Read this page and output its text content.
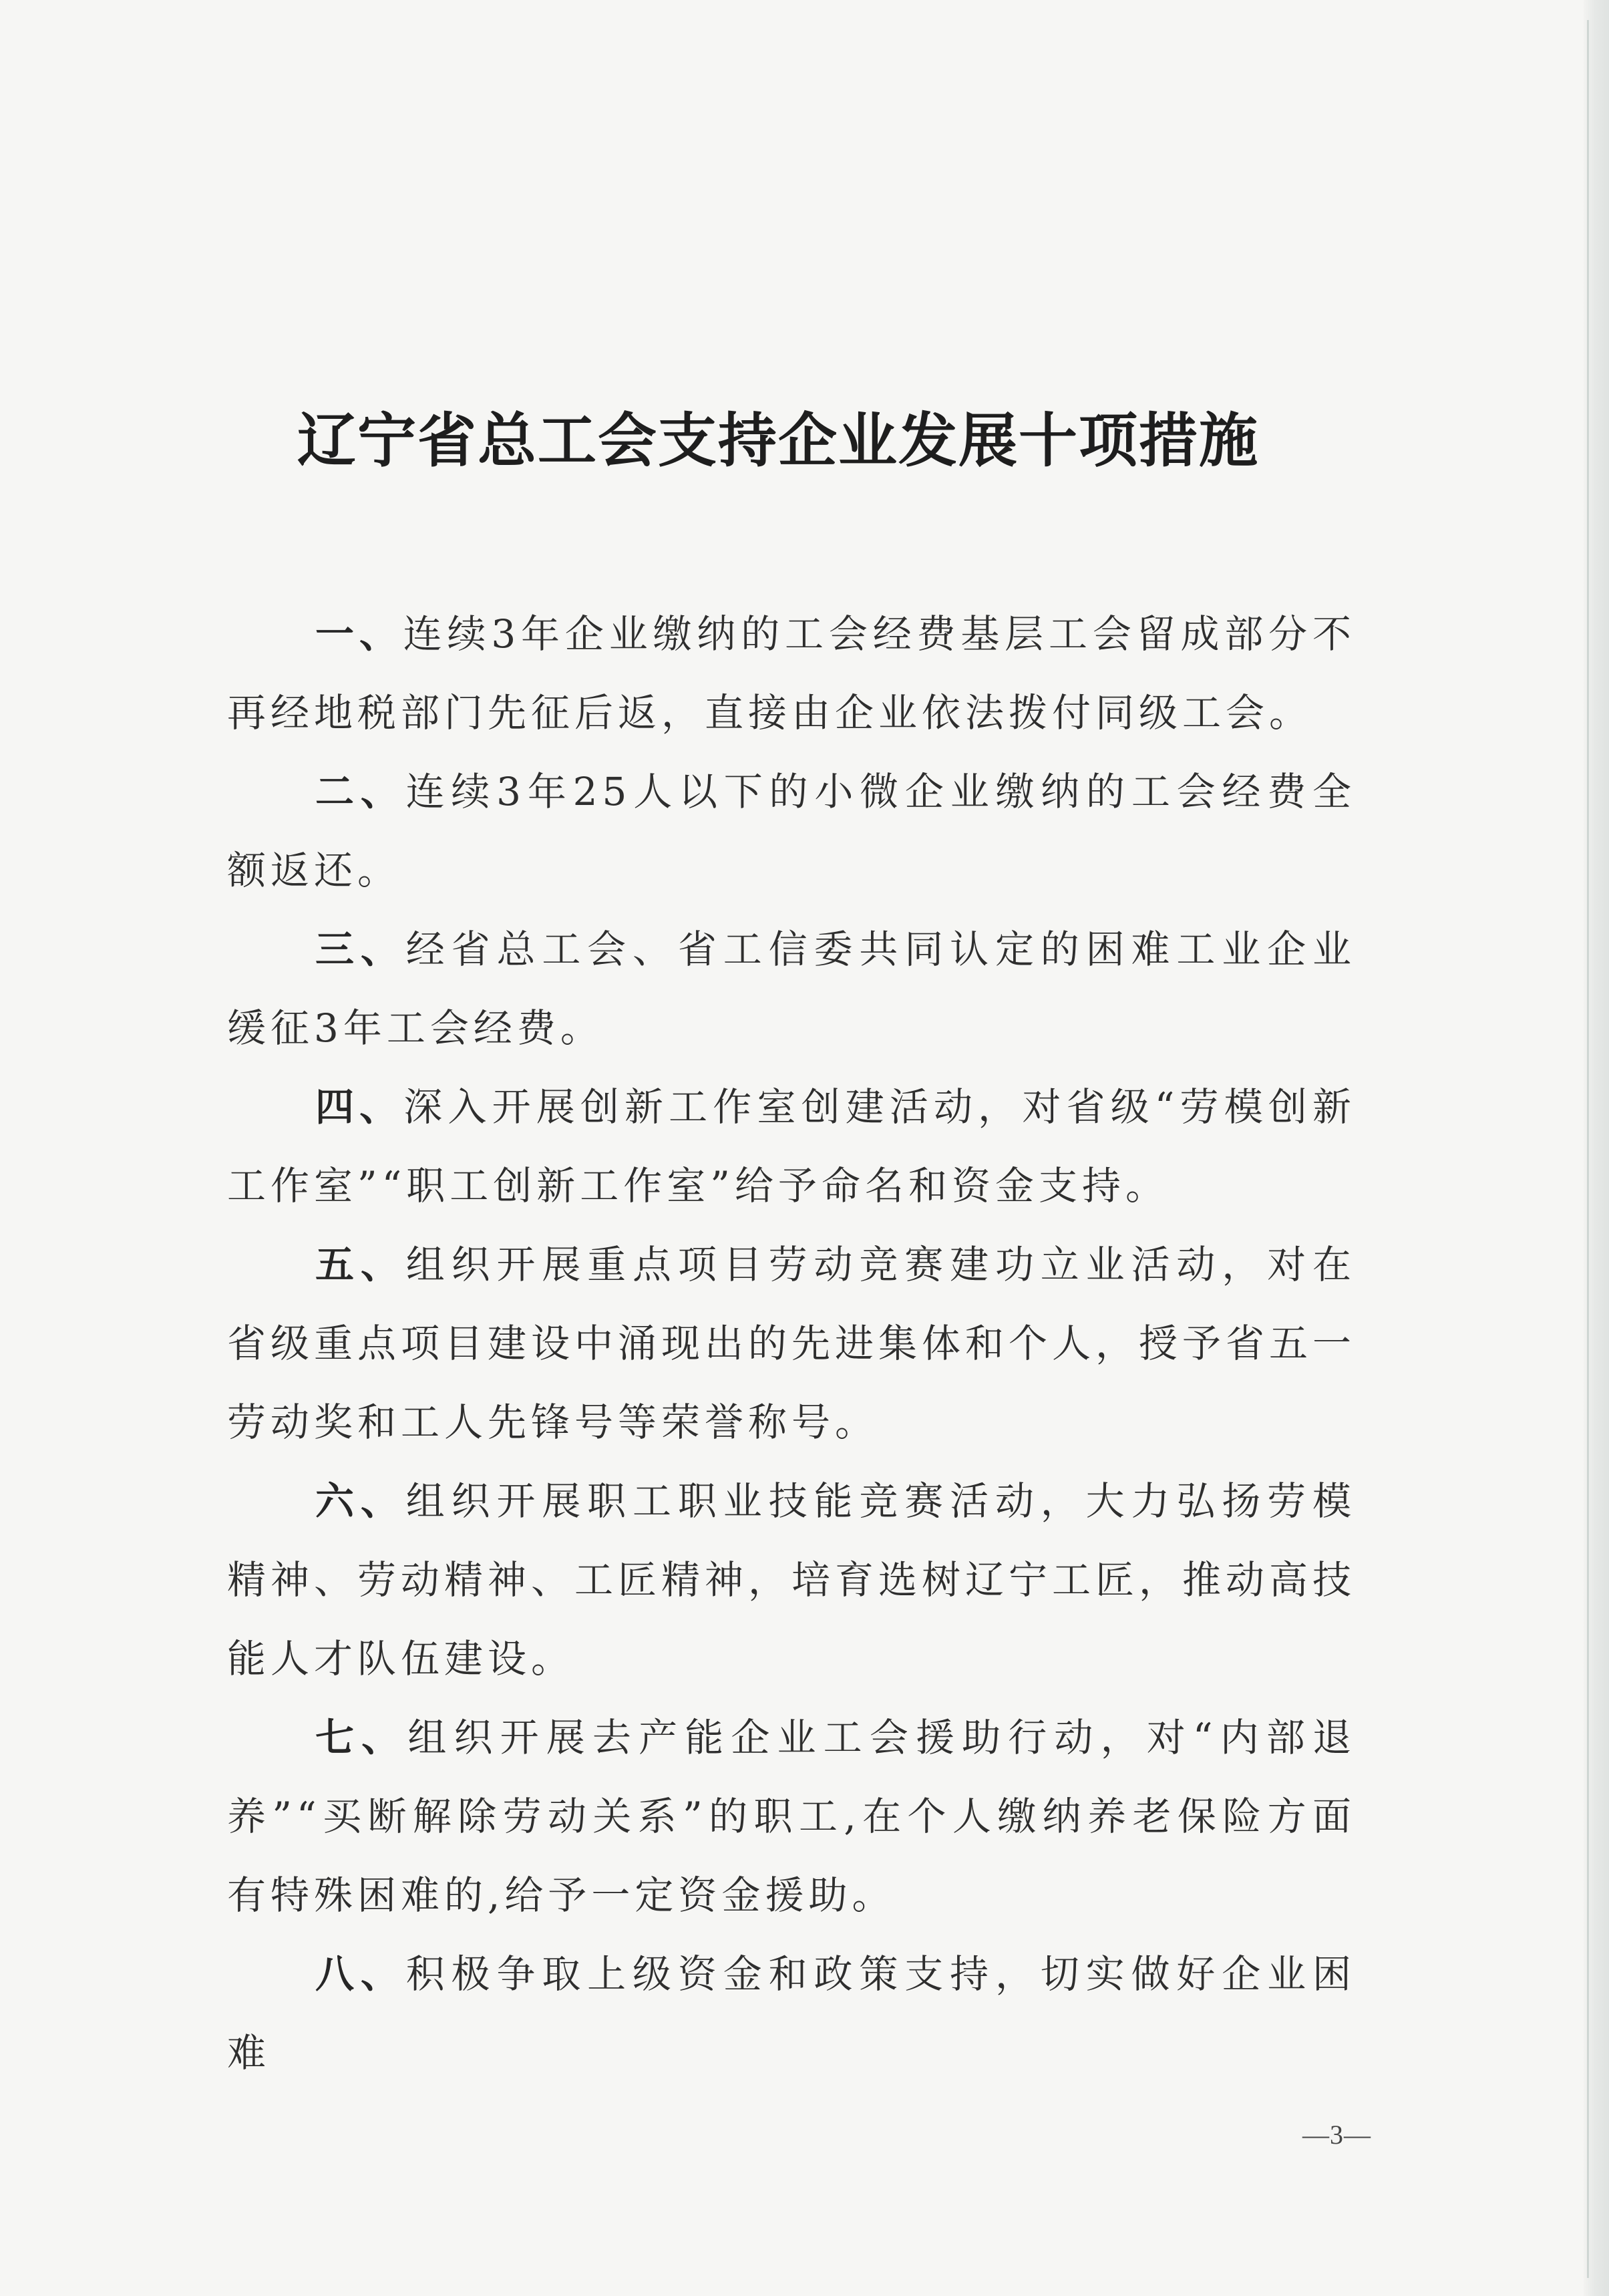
辽宁省总工会支持企业发展十项措施

一、连续3年企业缴纳的工会经费基层工会留成部分不再经地税部门先征后返，直接由企业依法拨付同级工会。

二、连续3年25人以下的小微企业缴纳的工会经费全额返还。

三、经省总工会、省工信委共同认定的困难工业企业缓征3年工会经费。

四、深入开展创新工作室创建活动，对省级“劳模创新工作室”“职工创新工作室”给予命名和资金支持。

五、组织开展重点项目劳动竞赛建功立业活动，对在省级重点项目建设中涌现出的先进集体和个人，授予省五一劳动奖和工人先锋号等荣誉称号。

六、组织开展职工职业技能竞赛活动，大力弘扬劳模精神、劳动精神、工匠精神，培育选树辽宁工匠，推动高技能人才队伍建设。

七、组织开展去产能企业工会援助行动，对“内部退养”“买断解除劳动关系”的职工,在个人缴纳养老保险方面有特殊困难的,给予一定资金援助。

八、积极争取上级资金和政策支持，切实做好企业困难

—3—
